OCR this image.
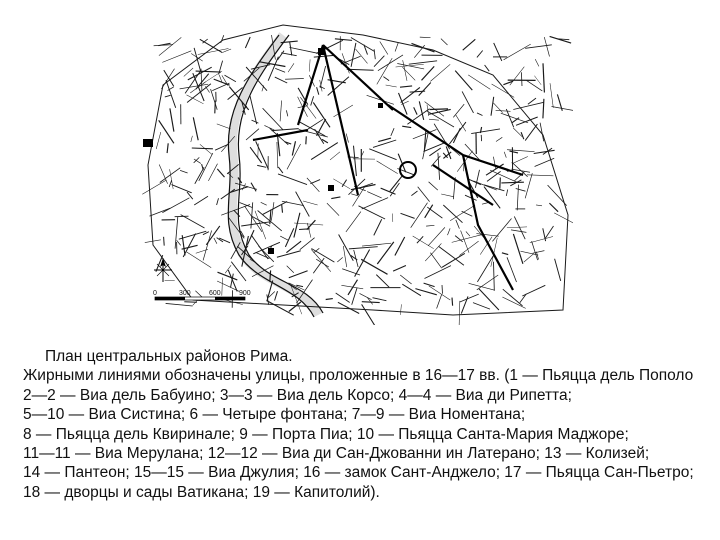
0	300	600	900
План центральных районов Рима.
Жирными линиями обозначены улицы, проложенные в 16—17 вв. (1 — Пьяцца дель Пополо
2—2 — Виа дель Бабуино; 3—3 — Виа дель Корсо; 4—4 — Виа ди Рипетта;
5—10 — Виа Систина; 6 — Четыре фонтана; 7—9 — Виа Номентана;
8 — Пьяцца дель Квиринале; 9 — Порта Пиа; 10 — Пьяцца Санта-Мария Маджоре;
11—11 — Виа Мерулана; 12—12 — Виа ди Сан-Джованни ин Латерано; 13 — Колизей;
14 — Пантеон; 15—15 — Виа Джулия; 16 — замок Сант-Анджело; 17 — Пьяцца Сан-Пьетро;
18 — дворцы и сады Ватикана; 19 — Капитолий).
